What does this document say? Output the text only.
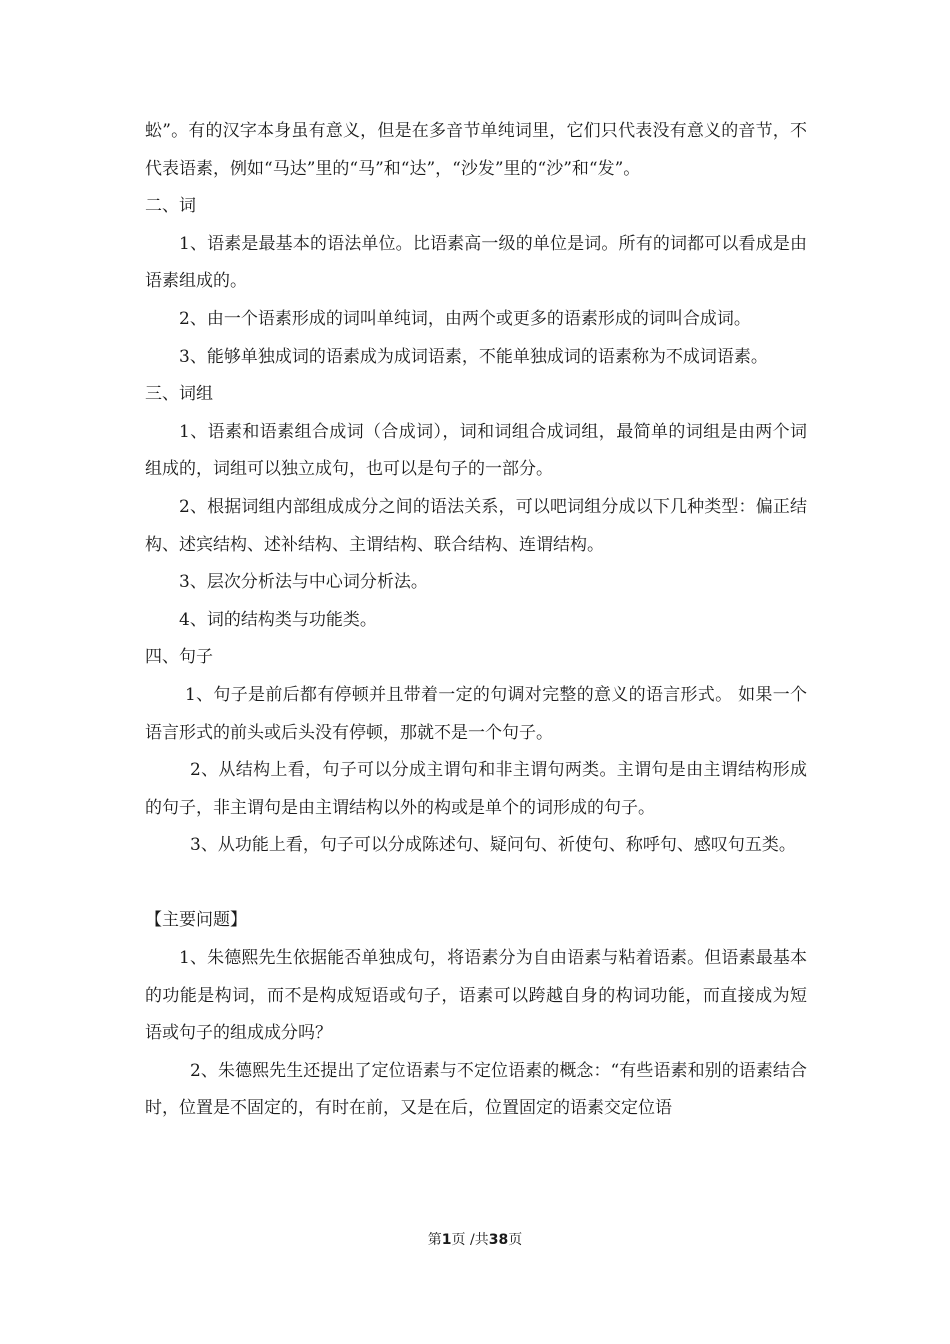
蚣”。有的汉字本身虽有意义，但是在多音节单纯词里，它们只代表没有意义的音节，不代表语素，例如“马达”里的“马”和“达”，“沙发”里的“沙”和“发”。

二、词

1、语素是最基本的语法单位。比语素高一级的单位是词。所有的词都可以看成是由语素组成的。

2、由一个语素形成的词叫单纯词，由两个或更多的语素形成的词叫合成词。

3、能够单独成词的语素成为成词语素，不能单独成词的语素称为不成词语素。

三、词组

1、语素和语素组合成词（合成词），词和词组合成词组，最简单的词组是由两个词组成的，词组可以独立成句，也可以是句子的一部分。

2、根据词组内部组成成分之间的语法关系，可以吧词组分成以下几种类型：偏正结构、述宾结构、述补结构、主谓结构、联合结构、连谓结构。

3、层次分析法与中心词分析法。

4、词的结构类与功能类。

四、句子

1、句子是前后都有停顿并且带着一定的句调对完整的意义的语言形式。 如果一个语言形式的前头或后头没有停顿，那就不是一个句子。

2、从结构上看，句子可以分成主谓句和非主谓句两类。主谓句是由主谓结构形成的句子，非主谓句是由主谓结构以外的构或是单个的词形成的句子。

3、从功能上看，句子可以分成陈述句、疑问句、祈使句、称呼句、感叹句五类。

【主要问题】

1、朱德熙先生依据能否单独成句，将语素分为自由语素与粘着语素。但语素最基本的功能是构词，而不是构成短语或句子，语素可以跨越自身的构词功能，而直接成为短语或句子的组成成分吗？

2、朱德熙先生还提出了定位语素与不定位语素的概念：“有些语素和别的语素结合时，位置是不固定的，有时在前，又是在后，位置固定的语素交定位语

第1页 /共38页
